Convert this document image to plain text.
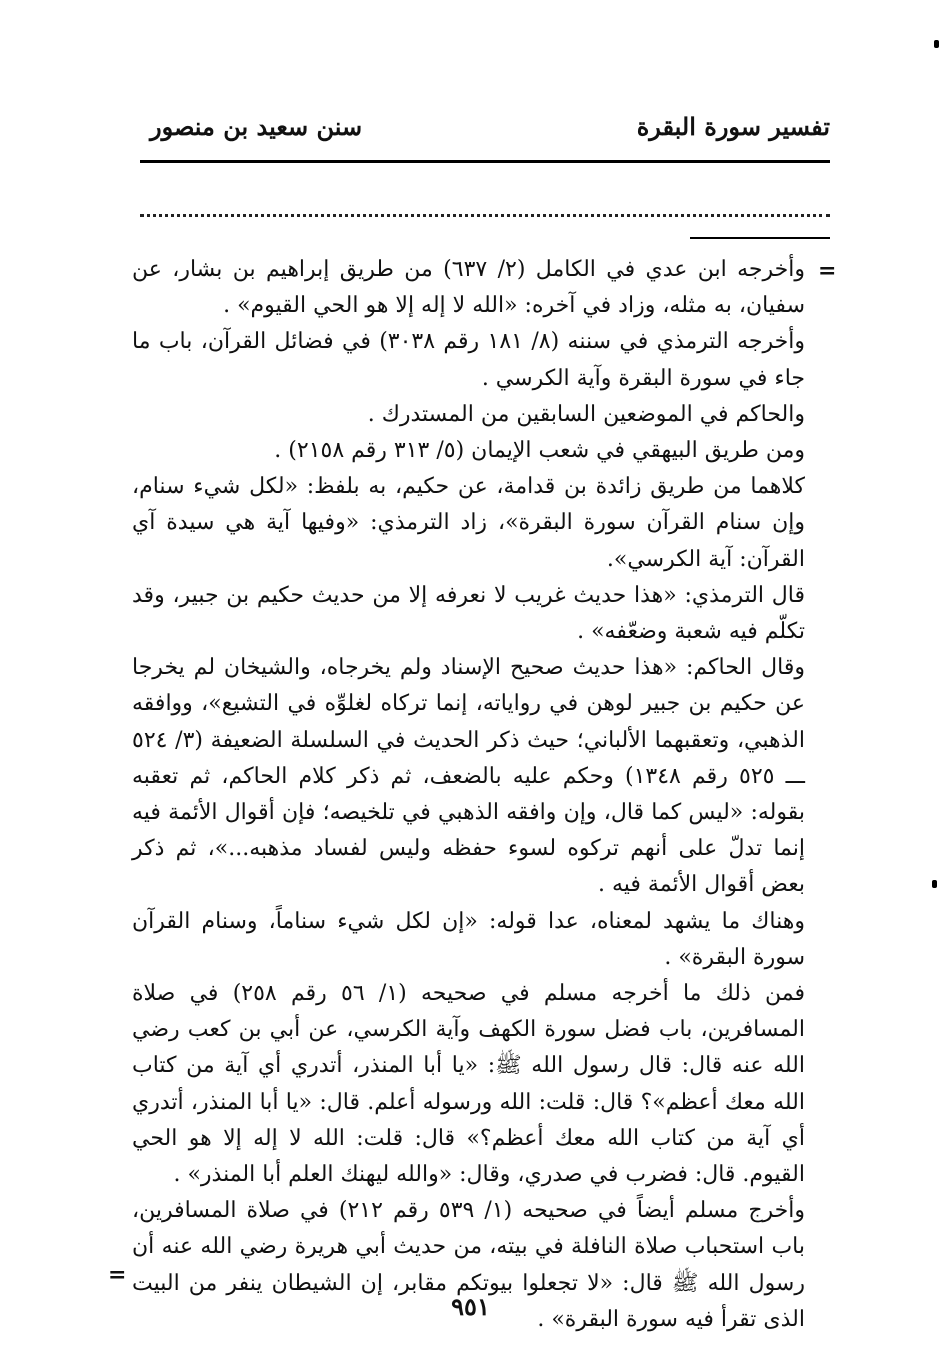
تفسير سورة البقرة
سنن سعيد بن منصور
=

وأخرجه ابن عدي في الكامل (٢/ ٦٣٧) من طريق إبراهيم بن بشار، عن سفيان، به مثله، وزاد في آخره: «الله لا إله إلا هو الحي القيوم» .

وأخرجه الترمذي في سننه (٨/ ١٨١ رقم ٣٠٣٨) في فضائل القرآن، باب ما جاء في سورة البقرة وآية الكرسي .

والحاكم في الموضعين السابقين من المستدرك .

ومن طريق البيهقي في شعب الإيمان (٥/ ٣١٣ رقم ٢١٥٨) .

كلاهما من طريق زائدة بن قدامة، عن حكيم، به بلفظ: «لكل شيء سنام، وإن سنام القرآن سورة البقرة»، زاد الترمذي: «وفيها آية هي سيدة آي القرآن: آية الكرسي».

قال الترمذي: «هذا حديث غريب لا نعرفه إلا من حديث حكيم بن جبير، وقد تكلّم فيه شعبة وضعّفه» .

وقال الحاكم: «هذا حديث صحيح الإسناد ولم يخرجاه، والشيخان لم يخرجا عن حكيم بن جبير لوهن في رواياته، إنما تركاه لغلوِّه في التشيع»، ووافقه الذهبي، وتعقبهما الألباني؛ حيث ذكر الحديث في السلسلة الضعيفة (٣/ ٥٢٤ ـــ ٥٢٥ رقم ١٣٤٨) وحكم عليه بالضعف، ثم ذكر كلام الحاكم، ثم تعقبه بقوله: «ليس كما قال، وإن وافقه الذهبي في تلخيصه؛ فإن أقوال الأئمة فيه إنما تدلّ على أنهم تركوه لسوء حفظه وليس لفساد مذهبه...»، ثم ذكر بعض أقوال الأئمة فيه .

وهناك ما يشهد لمعناه، عدا قوله: «إن لكل شيء سناماً، وسنام القرآن سورة البقرة» .

فمن ذلك ما أخرجه مسلم في صحيحه (١/ ٥٦ رقم ٢٥٨) في صلاة المسافرين، باب فضل سورة الكهف وآية الكرسي، عن أبي بن كعب رضي الله عنه قال: قال رسول الله ﷺ: «يا أبا المنذر، أتدري أي آية من كتاب الله معك أعظم»؟ قال: قلت: الله ورسوله أعلم. قال: «يا أبا المنذر، أتدري أي آية من كتاب الله معك أعظم؟» قال: قلت: الله لا إله إلا هو الحي القيوم. قال: فضرب في صدري، وقال: «والله ليهنك العلم أبا المنذر» .

وأخرج مسلم أيضاً في صحيحه (١/ ٥٣٩ رقم ٢١٢) في صلاة المسافرين، باب استحباب صلاة النافلة في بيته، من حديث أبي هريرة رضي الله عنه أن رسول الله ﷺ قال: «لا تجعلوا بيوتكم مقابر، إن الشيطان ينفر من البيت الذى تقرأ فيه سورة البقرة» .

=
٩٥١
